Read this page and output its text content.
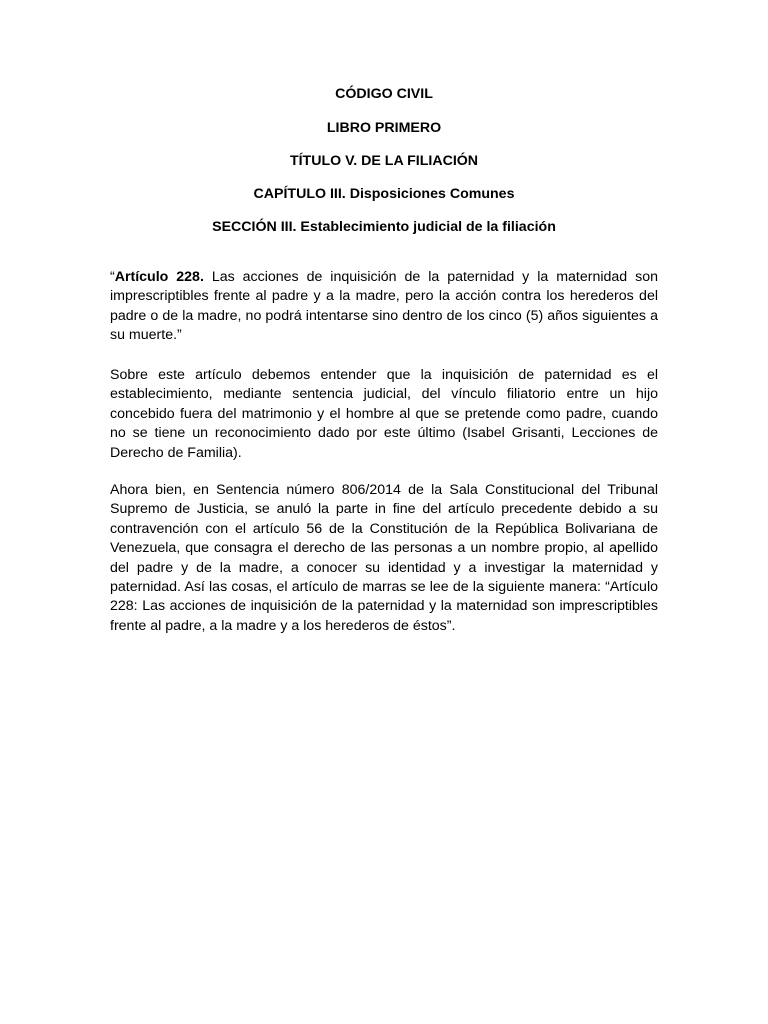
CÓDIGO CIVIL

LIBRO PRIMERO

TÍTULO V. DE LA FILIACIÓN

CAPÍTULO III. Disposiciones Comunes

SECCIÓN III. Establecimiento judicial de la filiación

“Artículo 228. Las acciones de inquisición de la paternidad y la maternidad son imprescriptibles frente al padre y a la madre, pero la acción contra los herederos del padre o de la madre, no podrá intentarse sino dentro de los cinco (5) años siguientes a su muerte.”

Sobre este artículo debemos entender que la inquisición de paternidad es el establecimiento, mediante sentencia judicial, del vínculo filiatorio entre un hijo concebido fuera del matrimonio y el hombre al que se pretende como padre, cuando no se tiene un reconocimiento dado por este último (Isabel Grisanti, Lecciones de Derecho de Familia).

Ahora bien, en Sentencia número 806/2014 de la Sala Constitucional del Tribunal Supremo de Justicia, se anuló la parte in fine del artículo precedente debido a su contravención con el artículo 56 de la Constitución de la República Bolivariana de Venezuela, que consagra el derecho de las personas a un nombre propio, al apellido del padre y de la madre, a conocer su identidad y a investigar la maternidad y paternidad. Así las cosas, el artículo de marras se lee de la siguiente manera: “Artículo 228: Las acciones de inquisición de la paternidad y la maternidad son imprescriptibles frente al padre, a la madre y a los herederos de éstos”.
